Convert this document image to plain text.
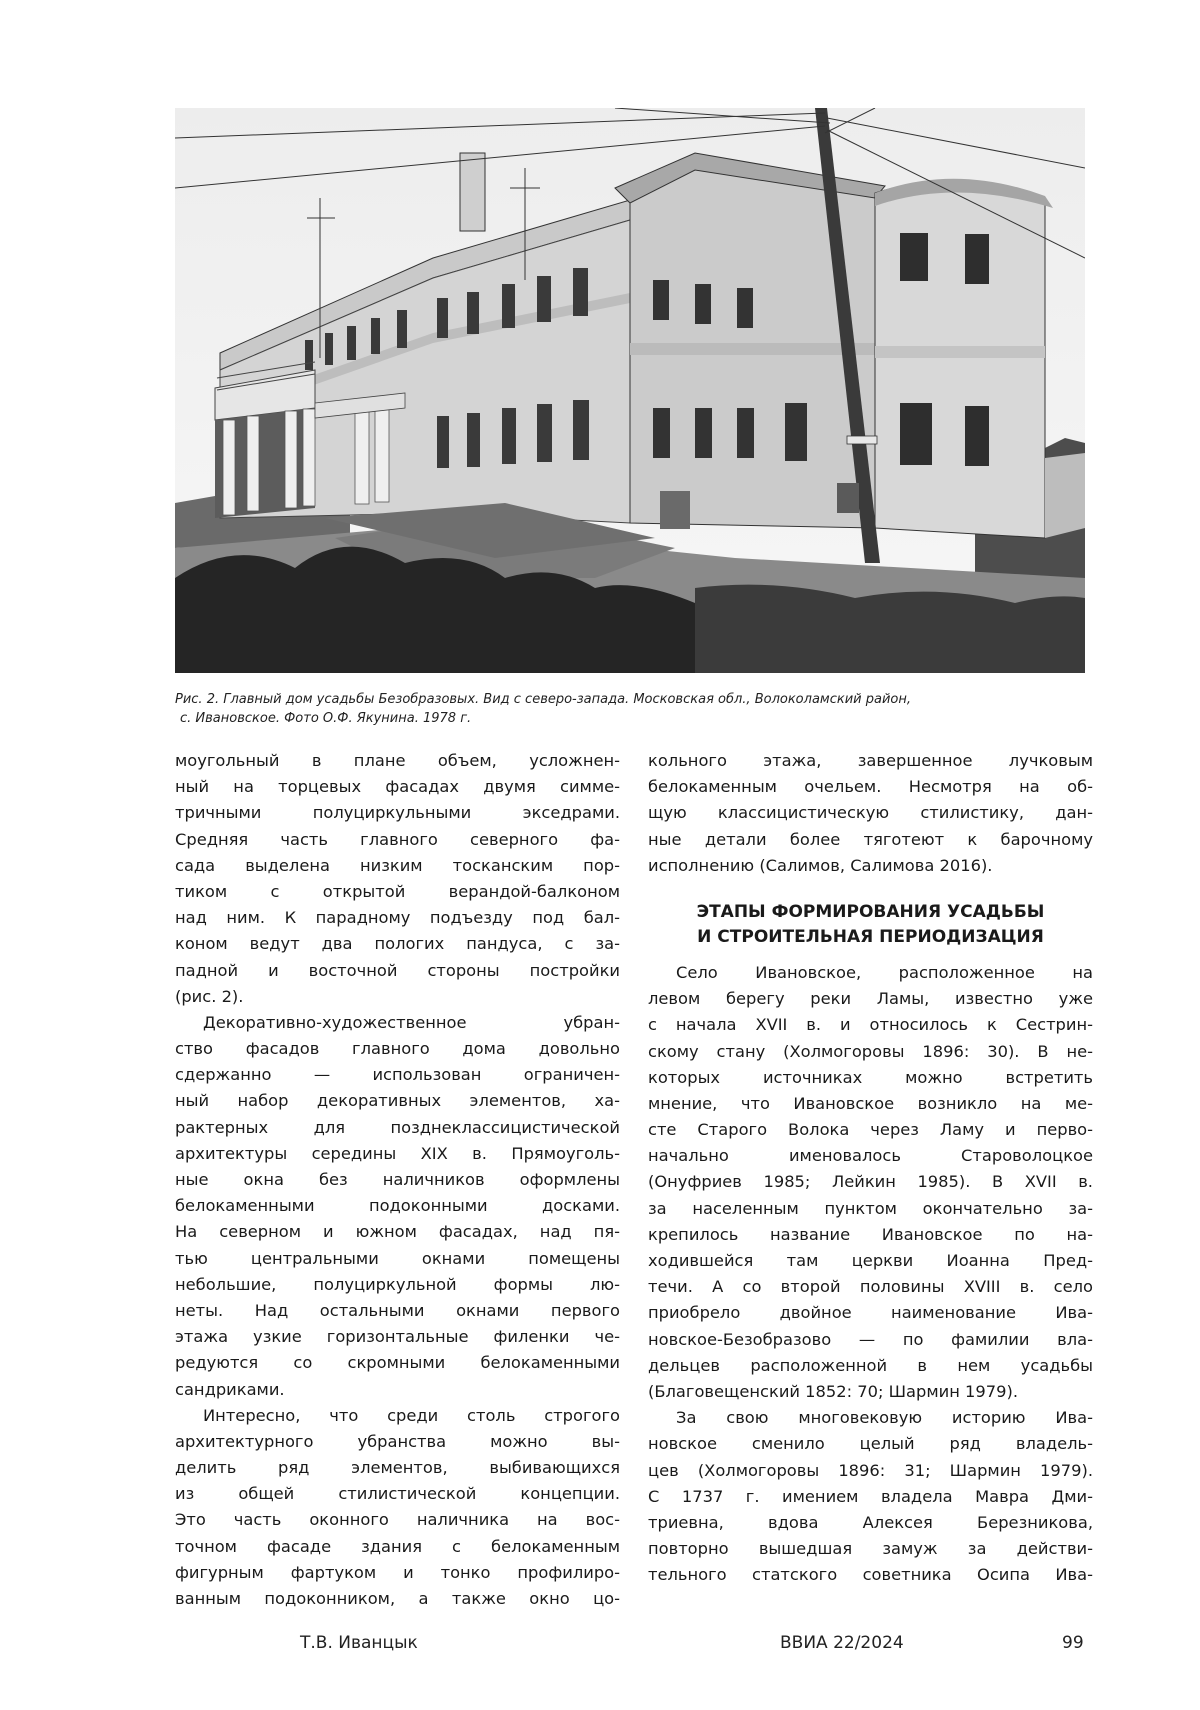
Рис. 2. Главный дом усадьбы Безобразовых. Вид с северо-запада. Московская обл., Волоколамский район,

с. Ивановское. Фото О.Ф. Якунина. 1978 г.

моугольный в плане объем, усложнен-
ный на торцевых фасадах двумя симме-
тричными полуциркульными экседрами.
Средняя часть главного северного фа-
сада выделена низким тосканским пор-
тиком с открытой верандой-балконом
над ним. К парадному подъезду под бал-
коном ведут два пологих пандуса, с за-
падной и восточной стороны постройки
(рис. 2).
Декоративно-художественное убран-
ство фасадов главного дома довольно
сдержанно — использован ограничен-
ный набор декоративных элементов, ха-
рактерных для позднеклассицистической
архитектуры середины XIX в. Прямоуголь-
ные окна без наличников оформлены
белокаменными подоконными досками.
На северном и южном фасадах, над пя-
тью центральными окнами помещены
небольшие, полуциркульной формы лю-
неты. Над остальными окнами первого
этажа узкие горизонтальные филенки че-
редуются со скромными белокаменными
сандриками.
Интересно, что среди столь строгого
архитектурного убранства можно вы-
делить ряд элементов, выбивающихся
из общей стилистической концепции.
Это часть оконного наличника на вос-
точном фасаде здания с белокаменным
фигурным фартуком и тонко профилиро-
ванным подоконником, а также окно цо-
кольного этажа, завершенное лучковым
белокаменным очельем. Несмотря на об-
щую классицистическую стилистику, дан-
ные детали более тяготеют к барочному
исполнению (Салимов, Салимова 2016).
ЭТАПЫ ФОРМИРОВАНИЯ УСАДЬБЫ
И СТРОИТЕЛЬНАЯ ПЕРИОДИЗАЦИЯ
Село Ивановское, расположенное на
левом берегу реки Ламы, известно уже
с начала XVII в. и относилось к Сестрин-
скому стану (Холмогоровы 1896: 30). В не-
которых источниках можно встретить
мнение, что Ивановское возникло на ме-
сте Старого Волока через Ламу и перво-
начально именовалось Староволоцкое
(Онуфриев 1985; Лейкин 1985). В XVII в.
за населенным пунктом окончательно за-
крепилось название Ивановское по на-
ходившейся там церкви Иоанна Пред-
течи. А со второй половины XVIII в. село
приобрело двойное наименование Ива-
новское-Безобразово — по фамилии вла-
дельцев расположенной в нем усадьбы
(Благовещенский 1852: 70; Шармин 1979).
За свою многовековую историю Ива-
новское сменило целый ряд владель-
цев (Холмогоровы 1896: 31; Шармин 1979).
С 1737 г. имением владела Мавра Дми-
триевна, вдова Алексея Березникова,
повторно вышедшая замуж за действи-
тельного статского советника Осипа Ива-
Т.В. Иванцык	ВВИА 22/2024	99
